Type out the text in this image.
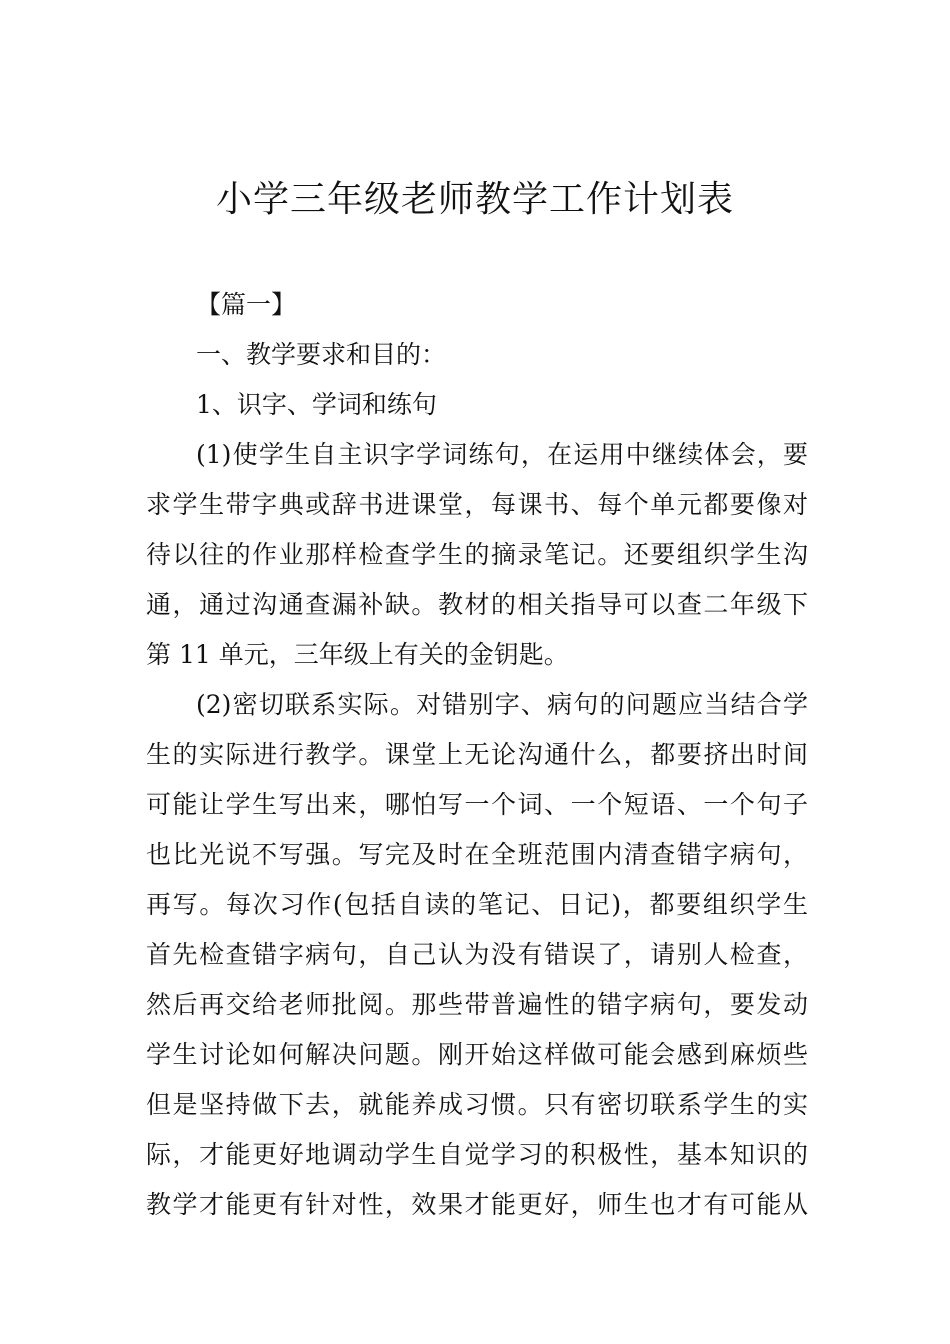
小学三年级老师教学工作计划表
【篇一】
一、教学要求和目的：
1、识字、学词和练句
(1)使学生自主识字学词练句，在运用中继续体会，要
求学生带字典或辞书进课堂，每课书、每个单元都要像对
待以往的作业那样检查学生的摘录笔记。还要组织学生沟
通，通过沟通查漏补缺。教材的相关指导可以查二年级下
第 11 单元，三年级上有关的金钥匙。
(2)密切联系实际。对错别字、病句的问题应当结合学
生的实际进行教学。课堂上无论沟通什么，都要挤出时间
可能让学生写出来，哪怕写一个词、一个短语、一个句子
也比光说不写强。写完及时在全班范围内清查错字病句，
再写。每次习作(包括自读的笔记、日记)，都要组织学生
首先检查错字病句，自己认为没有错误了，请别人检查，
然后再交给老师批阅。那些带普遍性的错字病句，要发动
学生讨论如何解决问题。刚开始这样做可能会感到麻烦些
但是坚持做下去，就能养成习惯。只有密切联系学生的实
际，才能更好地调动学生自觉学习的积极性，基本知识的
教学才能更有针对性，效果才能更好，师生也才有可能从
